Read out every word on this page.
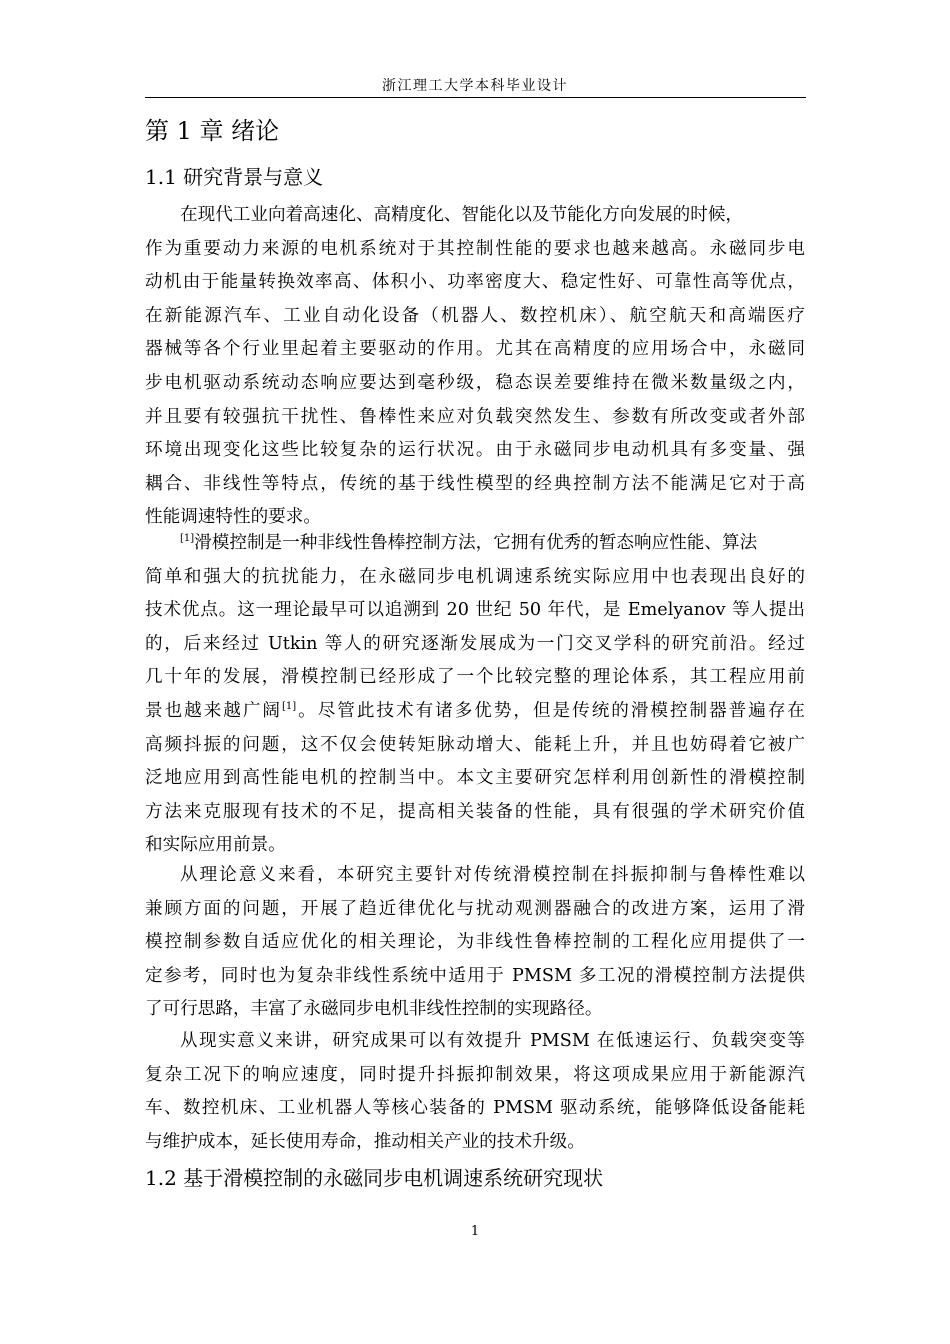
浙江理工大学本科毕业设计
第 1 章 绪论
1.1 研究背景与意义
在现代工业向着高速化、高精度化、智能化以及节能化方向发展的时候，
作为重要动力来源的电机系统对于其控制性能的要求也越来越高。永磁同步电
动机由于能量转换效率高、体积小、功率密度大、稳定性好、可靠性高等优点，
在新能源汽车、工业自动化设备（机器人、数控机床）、航空航天和高端医疗
器械等各个行业里起着主要驱动的作用。尤其在高精度的应用场合中，永磁同
步电机驱动系统动态响应要达到毫秒级，稳态误差要维持在微米数量级之内，
并且要有较强抗干扰性、鲁棒性来应对负载突然发生、参数有所改变或者外部
环境出现变化这些比较复杂的运行状况。由于永磁同步电动机具有多变量、强
耦合、非线性等特点，传统的基于线性模型的经典控制方法不能满足它对于高
性能调速特性的要求。
[1]滑模控制是一种非线性鲁棒控制方法，它拥有优秀的暂态响应性能、算法
简单和强大的抗扰能力，在永磁同步电机调速系统实际应用中也表现出良好的
技术优点。这一理论最早可以追溯到 20 世纪 50 年代，是 Emelyanov 等人提出
的，后来经过 Utkin 等人的研究逐渐发展成为一门交叉学科的研究前沿。经过
几十年的发展，滑模控制已经形成了一个比较完整的理论体系，其工程应用前
景也越来越广阔[1]。尽管此技术有诸多优势，但是传统的滑模控制器普遍存在
高频抖振的问题，这不仅会使转矩脉动增大、能耗上升，并且也妨碍着它被广
泛地应用到高性能电机的控制当中。本文主要研究怎样利用创新性的滑模控制
方法来克服现有技术的不足，提高相关装备的性能，具有很强的学术研究价值
和实际应用前景。
从理论意义来看，本研究主要针对传统滑模控制在抖振抑制与鲁棒性难以
兼顾方面的问题，开展了趋近律优化与扰动观测器融合的改进方案，运用了滑
模控制参数自适应优化的相关理论，为非线性鲁棒控制的工程化应用提供了一
定参考，同时也为复杂非线性系统中适用于 PMSM 多工况的滑模控制方法提供
了可行思路，丰富了永磁同步电机非线性控制的实现路径。
从现实意义来讲，研究成果可以有效提升 PMSM 在低速运行、负载突变等
复杂工况下的响应速度，同时提升抖振抑制效果，将这项成果应用于新能源汽
车、数控机床、工业机器人等核心装备的 PMSM 驱动系统，能够降低设备能耗
与维护成本，延长使用寿命，推动相关产业的技术升级。
1.2 基于滑模控制的永磁同步电机调速系统研究现状
1
